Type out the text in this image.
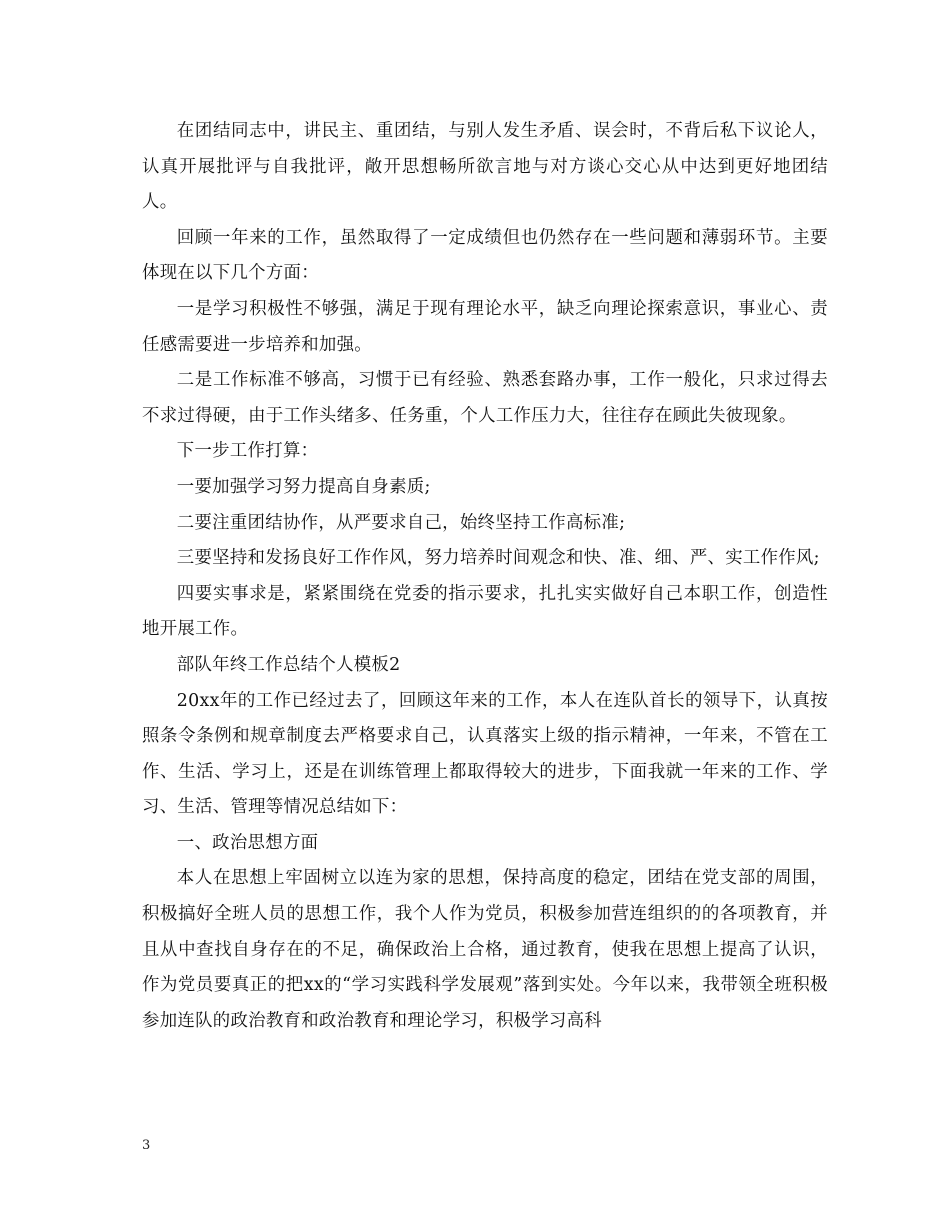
在团结同志中，讲民主、重团结，与别人发生矛盾、误会时，不背后私下议论人，认真开展批评与自我批评，敞开思想畅所欲言地与对方谈心交心从中达到更好地团结人。

回顾一年来的工作，虽然取得了一定成绩但也仍然存在一些问题和薄弱环节。主要体现在以下几个方面：

一是学习积极性不够强，满足于现有理论水平，缺乏向理论探索意识，事业心、责任感需要进一步培养和加强。

二是工作标准不够高，习惯于已有经验、熟悉套路办事，工作一般化，只求过得去不求过得硬，由于工作头绪多、任务重，个人工作压力大，往往存在顾此失彼现象。

下一步工作打算：

一要加强学习努力提高自身素质;

二要注重团结协作，从严要求自己，始终坚持工作高标准;

三要坚持和发扬良好工作作风，努力培养时间观念和快、准、细、严、实工作作风;

四要实事求是，紧紧围绕在党委的指示要求，扎扎实实做好自己本职工作，创造性地开展工作。

部队年终工作总结个人模板2

20xx年的工作已经过去了，回顾这年来的工作，本人在连队首长的领导下，认真按照条令条例和规章制度去严格要求自己，认真落实上级的指示精神，一年来，不管在工作、生活、学习上，还是在训练管理上都取得较大的进步，下面我就一年来的工作、学习、生活、管理等情况总结如下：

一、政治思想方面

本人在思想上牢固树立以连为家的思想，保持高度的稳定，团结在党支部的周围，积极搞好全班人员的思想工作，我个人作为党员，积极参加营连组织的的各项教育，并且从中查找自身存在的不足，确保政治上合格，通过教育，使我在思想上提高了认识，作为党员要真正的把xx的“学习实践科学发展观”落到实处。今年以来，我带领全班积极参加连队的政治教育和政治教育和理论学习，积极学习高科

3
